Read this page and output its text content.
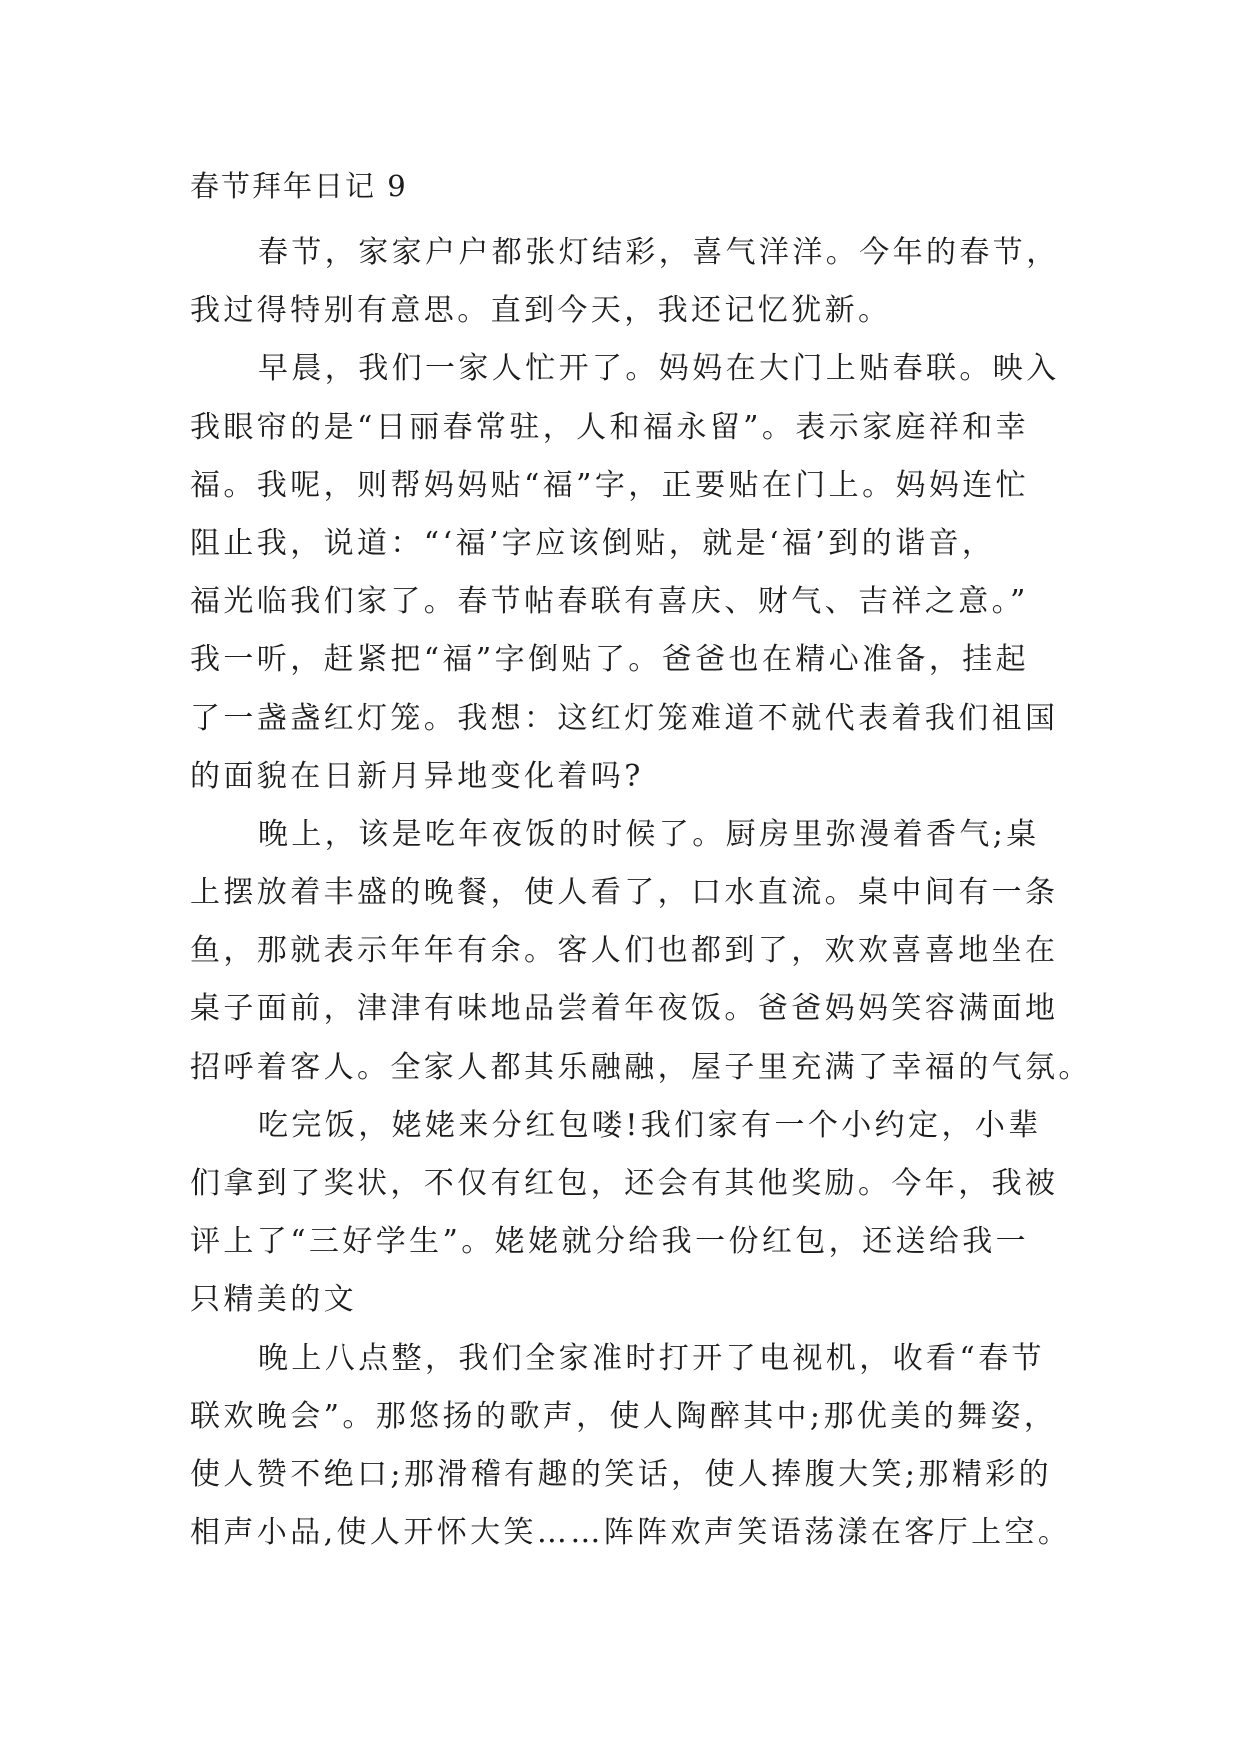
春节拜年日记 9
春节，家家户户都张灯结彩，喜气洋洋。今年的春节，
我过得特别有意思。直到今天，我还记忆犹新。
早晨，我们一家人忙开了。妈妈在大门上贴春联。映入
我眼帘的是“日丽春常驻，人和福永留”。表示家庭祥和幸
福。我呢，则帮妈妈贴“福”字，正要贴在门上。妈妈连忙
阻止我，说道：“‘福’字应该倒贴，就是‘福’到的谐音，
福光临我们家了。春节帖春联有喜庆、财气、吉祥之意。”
我一听，赶紧把“福”字倒贴了。爸爸也在精心准备，挂起
了一盏盏红灯笼。我想：这红灯笼难道不就代表着我们祖国
的面貌在日新月异地变化着吗?
晚上，该是吃年夜饭的时候了。厨房里弥漫着香气;桌
上摆放着丰盛的晚餐，使人看了，口水直流。桌中间有一条
鱼，那就表示年年有余。客人们也都到了，欢欢喜喜地坐在
桌子面前，津津有味地品尝着年夜饭。爸爸妈妈笑容满面地
招呼着客人。全家人都其乐融融，屋子里充满了幸福的气氛。
吃完饭，姥姥来分红包喽!我们家有一个小约定，小辈
们拿到了奖状，不仅有红包，还会有其他奖励。今年，我被
评上了“三好学生”。姥姥就分给我一份红包，还送给我一
只精美的文
晚上八点整，我们全家准时打开了电视机，收看“春节
联欢晚会”。那悠扬的歌声，使人陶醉其中;那优美的舞姿，
使人赞不绝口;那滑稽有趣的笑话，使人捧腹大笑;那精彩的
相声小品,使人开怀大笑……阵阵欢声笑语荡漾在客厅上空。
